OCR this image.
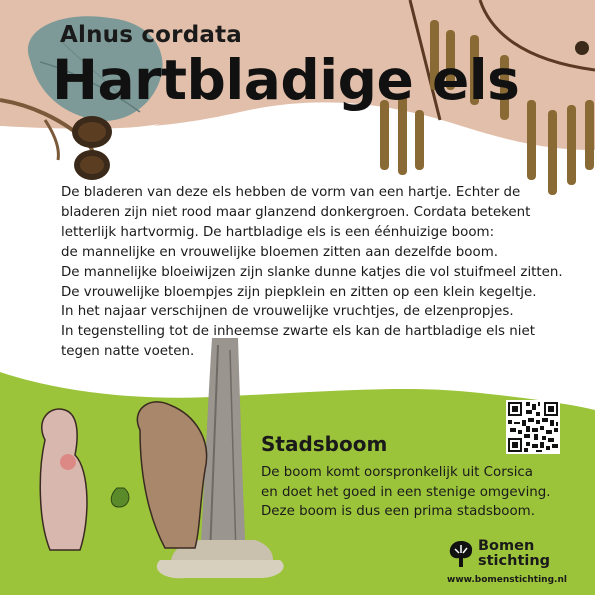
Alnus cordata
Hartbladige els
De bladeren van deze els hebben de vorm van een hartje. Echter de
bladeren zijn niet rood maar glanzend donkergroen. Cordata betekent
letterlijk hartvormig. De hartbladige els is een éénhuizige boom:
de mannelijke en vrouwelijke bloemen zitten aan dezelfde boom.
De mannelijke bloeiwijzen zijn slanke dunne katjes die vol stuifmeel zitten.
De vrouwelijke bloempjes zijn piepklein en zitten op een klein kegeltje.
In het najaar verschijnen de vrouwelijke vruchtjes, de elzenpropjes.
In tegenstelling tot de inheemse zwarte els kan de hartbladige els niet
tegen natte voeten.
Stadsboom
De boom komt oorspronkelijk uit Corsica
en doet het goed in een stenige omgeving.
Deze boom is dus een prima stadsboom.
Bomen
stichting
www.bomenstichting.nl
